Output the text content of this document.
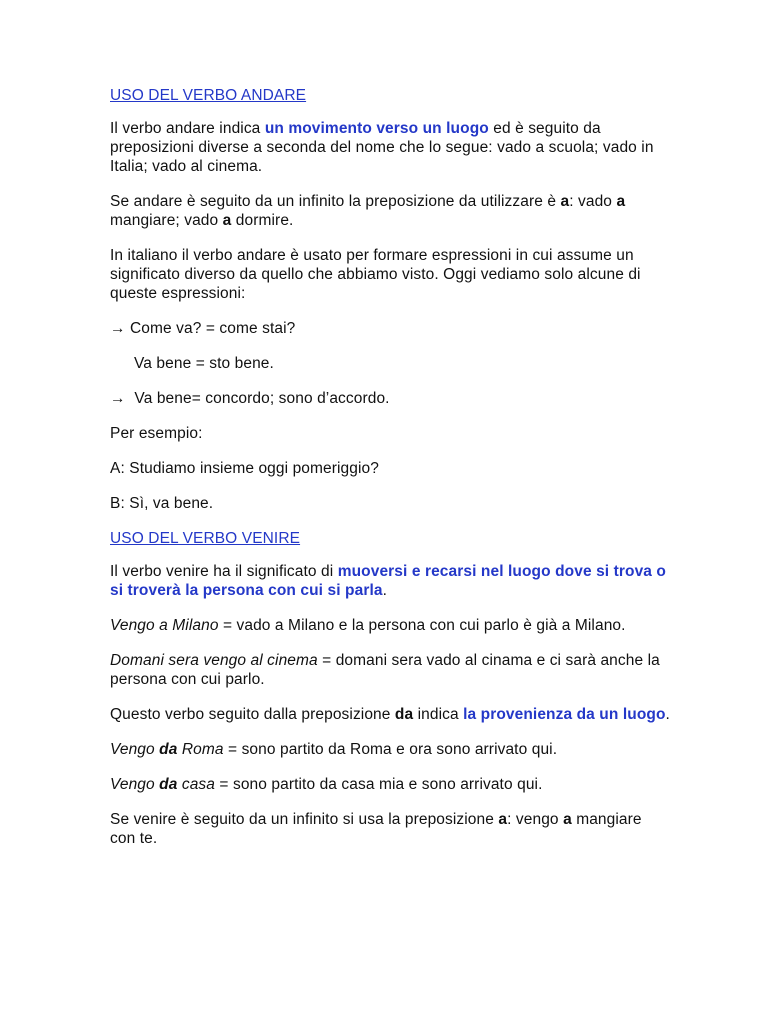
USO DEL VERBO ANDARE

Il verbo andare indica un movimento verso un luogo ed è seguito da preposizioni diverse a seconda del nome che lo segue: vado a scuola; vado in Italia; vado al cinema.

Se andare è seguito da un infinito la preposizione da utilizzare è a: vado a mangiare; vado a dormire.

In italiano il verbo andare è usato per formare espressioni in cui assume un significato diverso da quello che abbiamo visto. Oggi vediamo solo alcune di queste espressioni:

→ Come va? = come stai?

Va bene = sto bene.

→  Va bene= concordo; sono d’accordo.

Per esempio:

A: Studiamo insieme oggi pomeriggio?

B: Sì, va bene.

USO DEL VERBO VENIRE

Il verbo venire ha il significato di muoversi e recarsi nel luogo dove si trova o si troverà la persona con cui si parla.

Vengo a Milano = vado a Milano e la persona con cui parlo è già a Milano.

Domani sera vengo al cinema = domani sera vado al cinama e ci sarà anche la persona con cui parlo.

Questo verbo seguito dalla preposizione da indica la provenienza da un luogo.

Vengo da Roma = sono partito da Roma e ora sono arrivato qui.

Vengo da casa = sono partito da casa mia e sono arrivato qui.

Se venire è seguito da un infinito si usa la preposizione a: vengo a mangiare con te.
